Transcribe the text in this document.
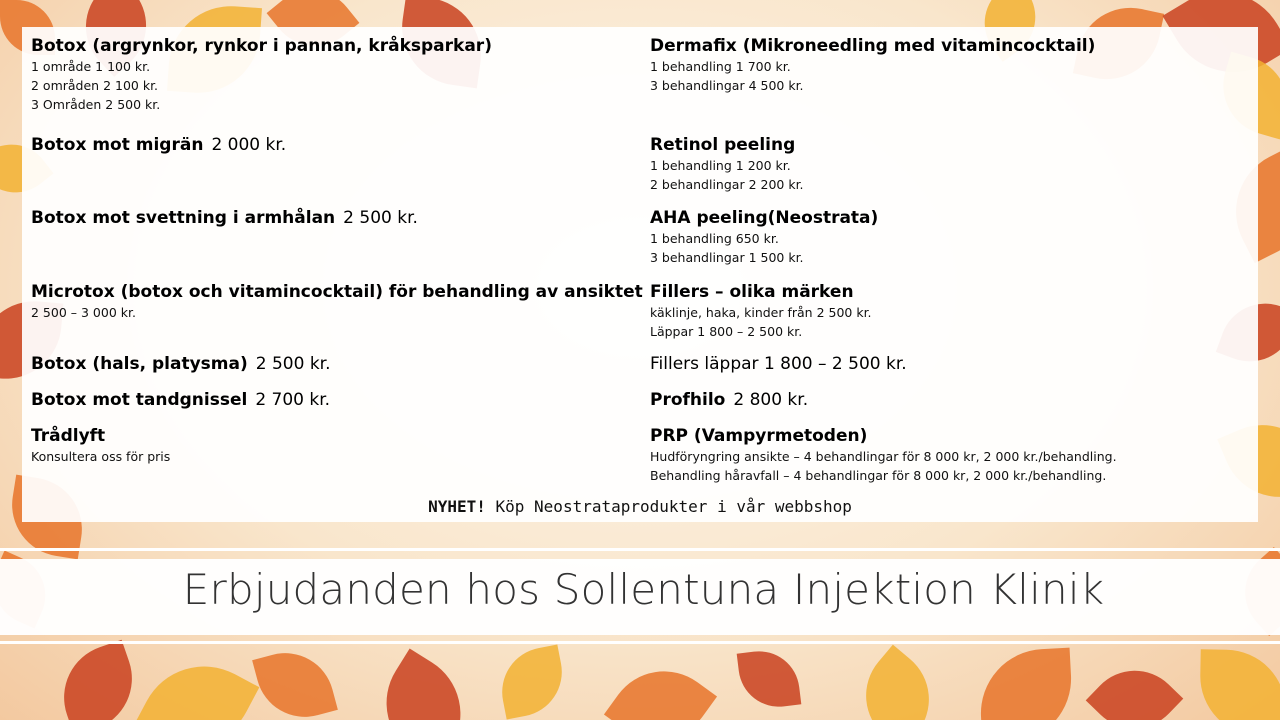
Botox (argrynkor, rynkor i pannan, kråksparkar)
1 område 1 100 kr.
2 områden 2 100 kr.
3 Områden 2 500 kr.
Botox mot migrän 2 000 kr.
Botox mot svettning i armhålan 2 500 kr.
Microtox (botox och vitamincocktail) för behandling av ansiktet
2 500 – 3 000 kr.
Botox (hals, platysma) 2 500 kr.
Botox mot tandgnissel 2 700 kr.
Trådlyft
Konsultera oss för pris
Dermafix (Mikroneedling med vitamincocktail)
1 behandling 1 700 kr.
3 behandlingar 4 500 kr.
Retinol peeling
1 behandling 1 200 kr.
2 behandlingar 2 200 kr.
AHA peeling(Neostrata)
1 behandling 650 kr.
3 behandlingar 1 500 kr.
Fillers – olika märken
käklinje, haka, kinder från 2 500 kr.
Läppar 1 800 – 2 500 kr.
Fillers läppar 1 800 – 2 500 kr.
Profhilo 2 800 kr.
PRP (Vampyrmetoden)
Hudföryngring ansikte – 4 behandlingar för 8 000 kr, 2 000 kr./behandling.
Behandling håravfall – 4 behandlingar för 8 000 kr, 2 000 kr./behandling.
NYHET! Köp Neostrataprodukter i vår webbshop
Erbjudanden hos Sollentuna Injektion Klinik
